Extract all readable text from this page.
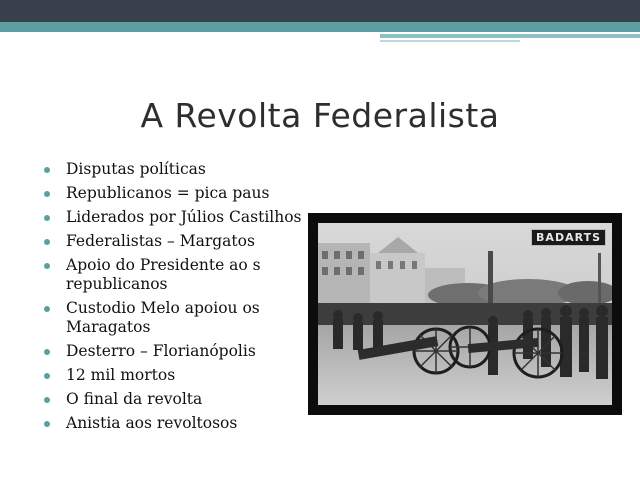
A Revolta Federalista
Disputas políticas
Republicanos = pica paus
Liderados por Júlios Castilhos
Federalistas – Margatos
Apoio do Presidente ao s republicanos
Custodio Melo apoiou os Maragatos
Desterro – Florianópolis
12 mil mortos
O final da revolta
Anistia aos revoltosos
BADARTS
